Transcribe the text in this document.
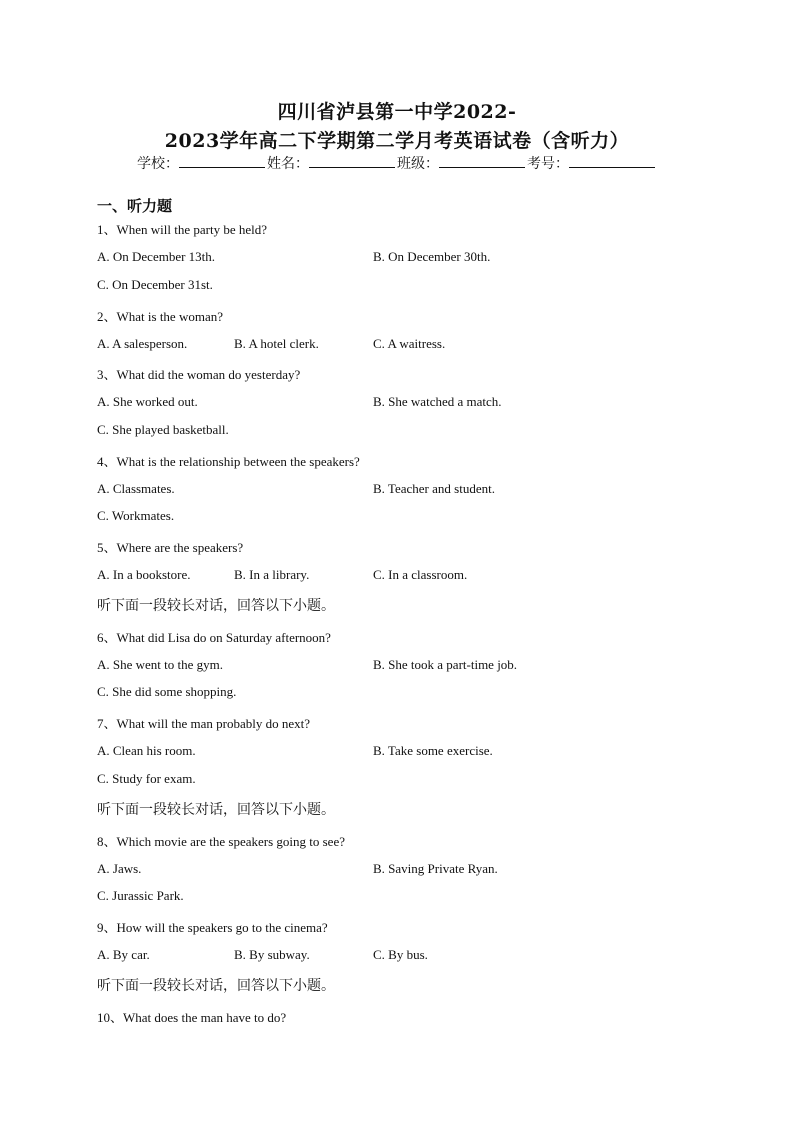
四川省泸县第一中学2022-
2023学年高二下学期第二学月考英语试卷（含听力）
学校：	姓名：	班级：	考号：
一、听力题
1、When will the party be held?
A. On December 13th.	B. On December 30th.
C. On December 31st.
2、What is the woman?
A. A salesperson.	B. A hotel clerk.	C. A waitress.
3、What did the woman do yesterday?
A. She worked out.	B. She watched a match.
C. She played basketball.
4、What is the relationship between the speakers?
A. Classmates.	B. Teacher and student.
C. Workmates.
5、Where are the speakers?
A. In a bookstore.	B. In a library.	C. In a classroom.
听下面一段较长对话，回答以下小题。
6、What did Lisa do on Saturday afternoon?
A. She went to the gym.	B. She took a part-time job.
C. She did some shopping.
7、What will the man probably do next?
A. Clean his room.	B. Take some exercise.
C. Study for exam.
听下面一段较长对话，回答以下小题。
8、Which movie are the speakers going to see?
A. Jaws.	B. Saving Private Ryan.
C. Jurassic Park.
9、How will the speakers go to the cinema?
A. By car.	B. By subway.	C. By bus.
听下面一段较长对话，回答以下小题。
10、What does the man have to do?
